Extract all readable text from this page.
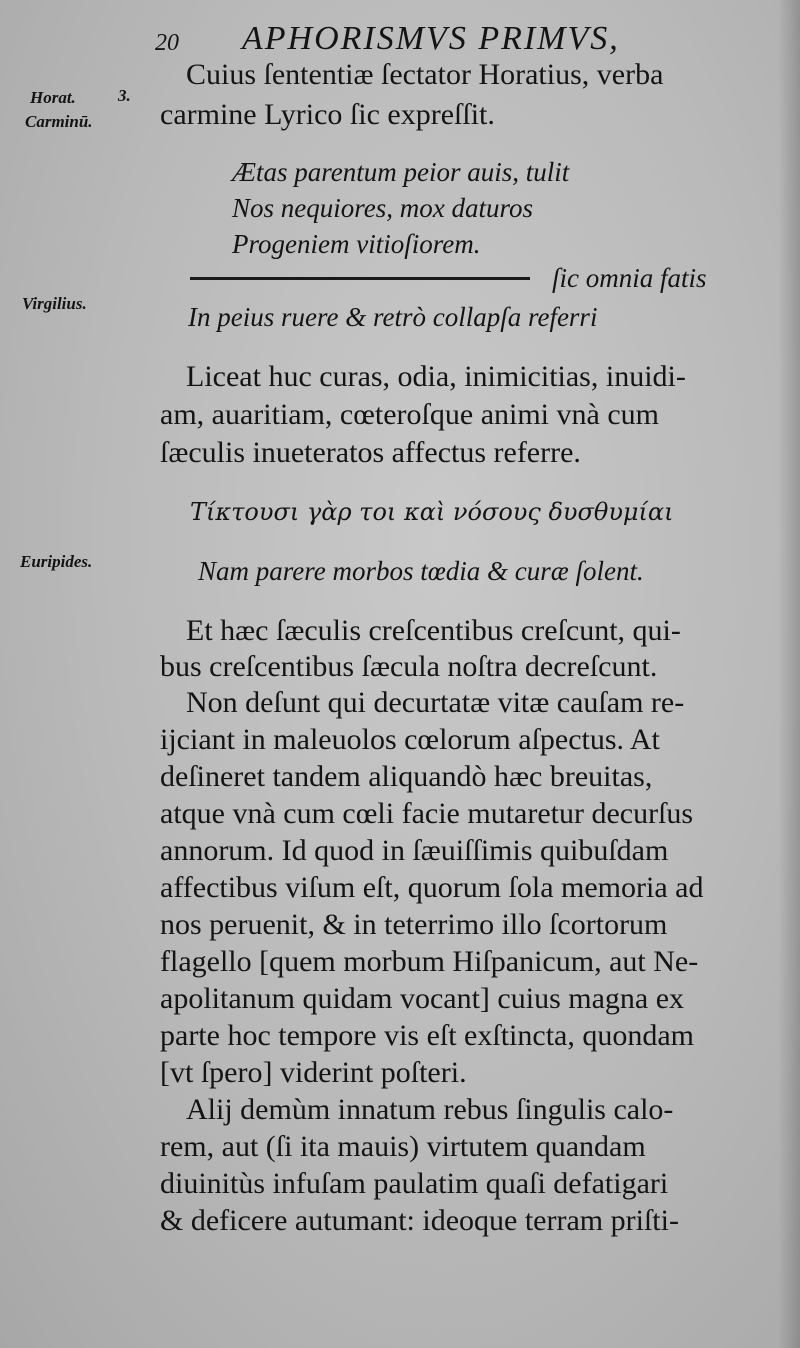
20 APHORISMVS PRIMVS,
Horat. 3.
Carminū.
Virgilius.
Euripides.
Cuius ſententiæ ſectator Horatius, verba
carmine Lyrico ſic expreſſit.
Ætas parentum peior auis, tulit
Nos nequiores, mox daturos
Progeniem vitioſiorem.
ſic omnia fatis
In peius ruere & retrò collapſa referri
Liceat huc curas, odia, inimicitias, inuidi-
am, auaritiam, cœteroſque animi vnà cum
ſæculis inueteratos affectus referre.
Τίκτουσι γὰρ τοι καὶ νόσους δυσθυμίαι
Nam parere morbos tœdia & curæ ſolent.
Et hæc ſæculis creſcentibus creſcunt, qui-
bus creſcentibus ſæcula noſtra decreſcunt.
Non deſunt qui decurtatæ vitæ cauſam re-
ijciant in maleuolos cœlorum aſpectus. At
deſineret tandem aliquandò hæc breuitas,
atque vnà cum cœli facie mutaretur decurſus
annorum. Id quod in ſæuiſſimis quibuſdam
affectibus viſum eſt, quorum ſola memoria ad
nos peruenit, & in teterrimo illo ſcortorum
flagello [quem morbum Hiſpanicum, aut Ne-
apolitanum quidam vocant] cuius magna ex
parte hoc tempore vis eſt exſtincta, quondam
[vt ſpero] viderint poſteri.
Alij demùm innatum rebus ſingulis calo-
rem, aut (ſi ita mauis) virtutem quandam
diuinitùs infuſam paulatim quaſi defatigari
& deficere autumant: ideoque terram priſti-
